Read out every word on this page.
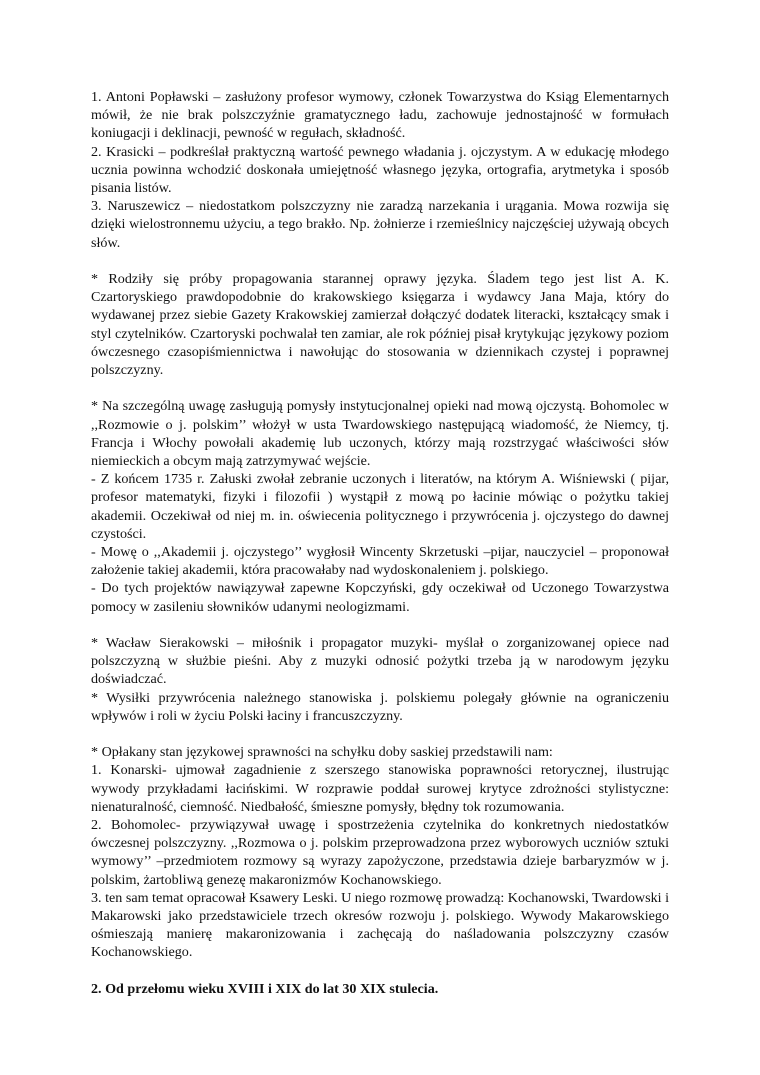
1. Antoni Popławski – zasłużony profesor wymowy, członek Towarzystwa do Ksiąg Elementarnych mówił, że nie brak polszczyźnie gramatycznego ładu, zachowuje jednostajność w formułach koniugacji i deklinacji, pewność w regułach, składność.

2. Krasicki – podkreślał praktyczną wartość pewnego władania j. ojczystym. A w edukację młodego ucznia powinna wchodzić doskonała umiejętność własnego języka, ortografia, arytmetyka i sposób pisania listów.

3. Naruszewicz – niedostatkom polszczyzny nie zaradzą narzekania i urągania. Mowa rozwija się dzięki wielostronnemu użyciu, a tego brakło. Np. żołnierze i rzemieślnicy najczęściej używają obcych słów.

* Rodziły się próby propagowania starannej oprawy języka. Śladem tego jest list A. K. Czartoryskiego prawdopodobnie do krakowskiego księgarza i wydawcy Jana Maja, który do wydawanej przez siebie Gazety Krakowskiej zamierzał dołączyć dodatek literacki, kształcący smak i styl czytelników. Czartoryski pochwalał ten zamiar, ale rok później pisał krytykując językowy poziom ówczesnego czasopiśmiennictwa i nawołując do stosowania w dziennikach czystej i poprawnej polszczyzny.

* Na szczególną uwagę zasługują pomysły instytucjonalnej opieki nad mową ojczystą. Bohomolec w ,,Rozmowie o j. polskim’’ włożył w usta Twardowskiego następującą wiadomość, że Niemcy, tj. Francja i Włochy powołali akademię lub uczonych, którzy mają rozstrzygać właściwości słów niemieckich a obcym mają zatrzymywać wejście.

- Z końcem 1735 r. Załuski zwołał zebranie uczonych i literatów, na którym A. Wiśniewski ( pijar, profesor matematyki, fizyki i filozofii ) wystąpił z mową po łacinie mówiąc o pożytku takiej akademii. Oczekiwał od niej m. in. oświecenia politycznego i przywrócenia j. ojczystego do dawnej czystości.

- Mowę o ,,Akademii j. ojczystego’’ wygłosił Wincenty Skrzetuski –pijar, nauczyciel – proponował założenie takiej akademii, która pracowałaby nad wydoskonaleniem j. polskiego.

- Do tych projektów nawiązywał zapewne Kopczyński, gdy oczekiwał od Uczonego Towarzystwa pomocy w zasileniu słowników udanymi neologizmami.

* Wacław Sierakowski – miłośnik i propagator muzyki- myślał o zorganizowanej opiece nad polszczyzną w służbie pieśni. Aby z muzyki odnosić pożytki trzeba ją w narodowym języku doświadczać.

* Wysiłki przywrócenia należnego stanowiska j. polskiemu polegały głównie na ograniczeniu wpływów i roli w życiu Polski łaciny i francuszczyzny.

* Opłakany stan językowej sprawności na schyłku doby saskiej przedstawili nam:

1. Konarski- ujmował zagadnienie z szerszego stanowiska poprawności retorycznej, ilustrując wywody przykładami łacińskimi. W rozprawie poddał surowej krytyce zdrożności stylistyczne: nienaturalność, ciemność. Niedbałość, śmieszne pomysły, błędny tok rozumowania.

2. Bohomolec- przywiązywał uwagę i spostrzeżenia czytelnika do konkretnych niedostatków ówczesnej polszczyzny. ,,Rozmowa o j. polskim przeprowadzona przez wyborowych uczniów sztuki wymowy’’ –przedmiotem rozmowy są wyrazy zapożyczone, przedstawia dzieje barbaryzmów w j. polskim, żartobliwą genezę makaronizmów Kochanowskiego.

3. ten sam temat opracował Ksawery Leski. U niego rozmowę prowadzą: Kochanowski, Twardowski i Makarowski jako przedstawiciele trzech okresów rozwoju j. polskiego. Wywody Makarowskiego ośmieszają manierę makaronizowania i zachęcają do naśladowania polszczyzny czasów Kochanowskiego.

2. Od przełomu wieku XVIII i XIX do lat 30 XIX stulecia.
